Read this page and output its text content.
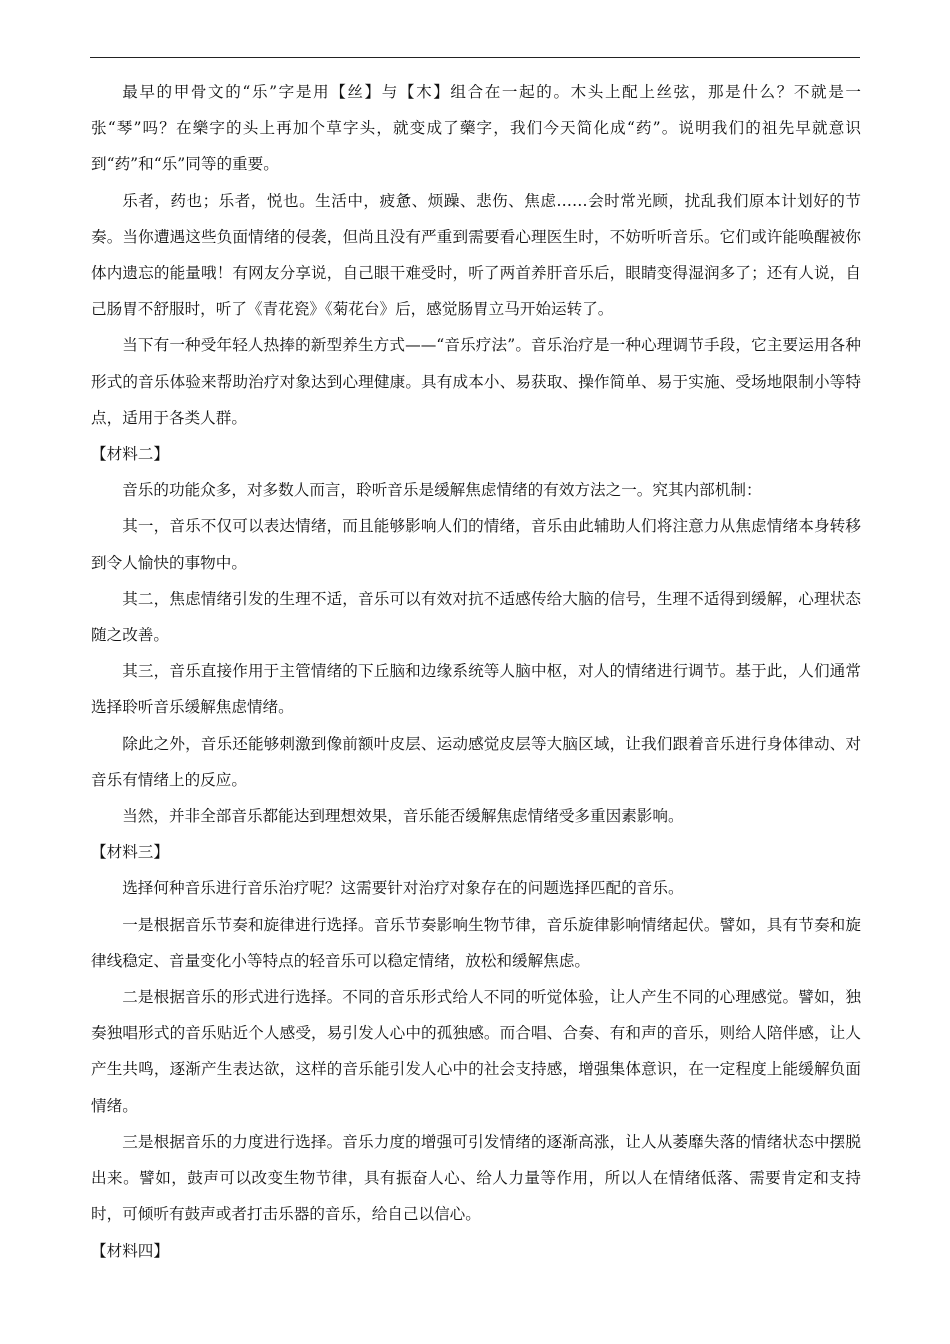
最早的甲骨文的“乐”字是用【丝】与【木】组合在一起的。木头上配上丝弦，那是什么？不就是一张“琴”吗？在樂字的头上再加个草字头，就变成了藥字，我们今天简化成“药”。说明我们的祖先早就意识到“药”和“乐”同等的重要。

乐者，药也；乐者，悦也。生活中，疲惫、烦躁、悲伤、焦虑……会时常光顾，扰乱我们原本计划好的节奏。当你遭遇这些负面情绪的侵袭，但尚且没有严重到需要看心理医生时，不妨听听音乐。它们或许能唤醒被你体内遗忘的能量哦！有网友分享说，自己眼干难受时，听了两首养肝音乐后，眼睛变得湿润多了；还有人说，自己肠胃不舒服时，听了《青花瓷》《菊花台》后，感觉肠胃立马开始运转了。

当下有一种受年轻人热捧的新型养生方式——“音乐疗法”。音乐治疗是一种心理调节手段，它主要运用各种形式的音乐体验来帮助治疗对象达到心理健康。具有成本小、易获取、操作简单、易于实施、受场地限制小等特点，适用于各类人群。

【材料二】

音乐的功能众多，对多数人而言，聆听音乐是缓解焦虑情绪的有效方法之一。究其内部机制：

其一，音乐不仅可以表达情绪，而且能够影响人们的情绪，音乐由此辅助人们将注意力从焦虑情绪本身转移到令人愉快的事物中。

其二，焦虑情绪引发的生理不适，音乐可以有效对抗不适感传给大脑的信号，生理不适得到缓解，心理状态随之改善。

其三，音乐直接作用于主管情绪的下丘脑和边缘系统等人脑中枢，对人的情绪进行调节。基于此，人们通常选择聆听音乐缓解焦虑情绪。

除此之外，音乐还能够刺激到像前额叶皮层、运动感觉皮层等大脑区域，让我们跟着音乐进行身体律动、对音乐有情绪上的反应。

当然，并非全部音乐都能达到理想效果，音乐能否缓解焦虑情绪受多重因素影响。

【材料三】

选择何种音乐进行音乐治疗呢？这需要针对治疗对象存在的问题选择匹配的音乐。

一是根据音乐节奏和旋律进行选择。音乐节奏影响生物节律，音乐旋律影响情绪起伏。譬如，具有节奏和旋律线稳定、音量变化小等特点的轻音乐可以稳定情绪，放松和缓解焦虑。

二是根据音乐的形式进行选择。不同的音乐形式给人不同的听觉体验，让人产生不同的心理感觉。譬如，独奏独唱形式的音乐贴近个人感受，易引发人心中的孤独感。而合唱、合奏、有和声的音乐，则给人陪伴感，让人产生共鸣，逐渐产生表达欲，这样的音乐能引发人心中的社会支持感，增强集体意识，在一定程度上能缓解负面情绪。

三是根据音乐的力度进行选择。音乐力度的增强可引发情绪的逐渐高涨，让人从萎靡失落的情绪状态中摆脱出来。譬如，鼓声可以改变生物节律，具有振奋人心、给人力量等作用，所以人在情绪低落、需要肯定和支持时，可倾听有鼓声或者打击乐器的音乐，给自己以信心。

【材料四】
